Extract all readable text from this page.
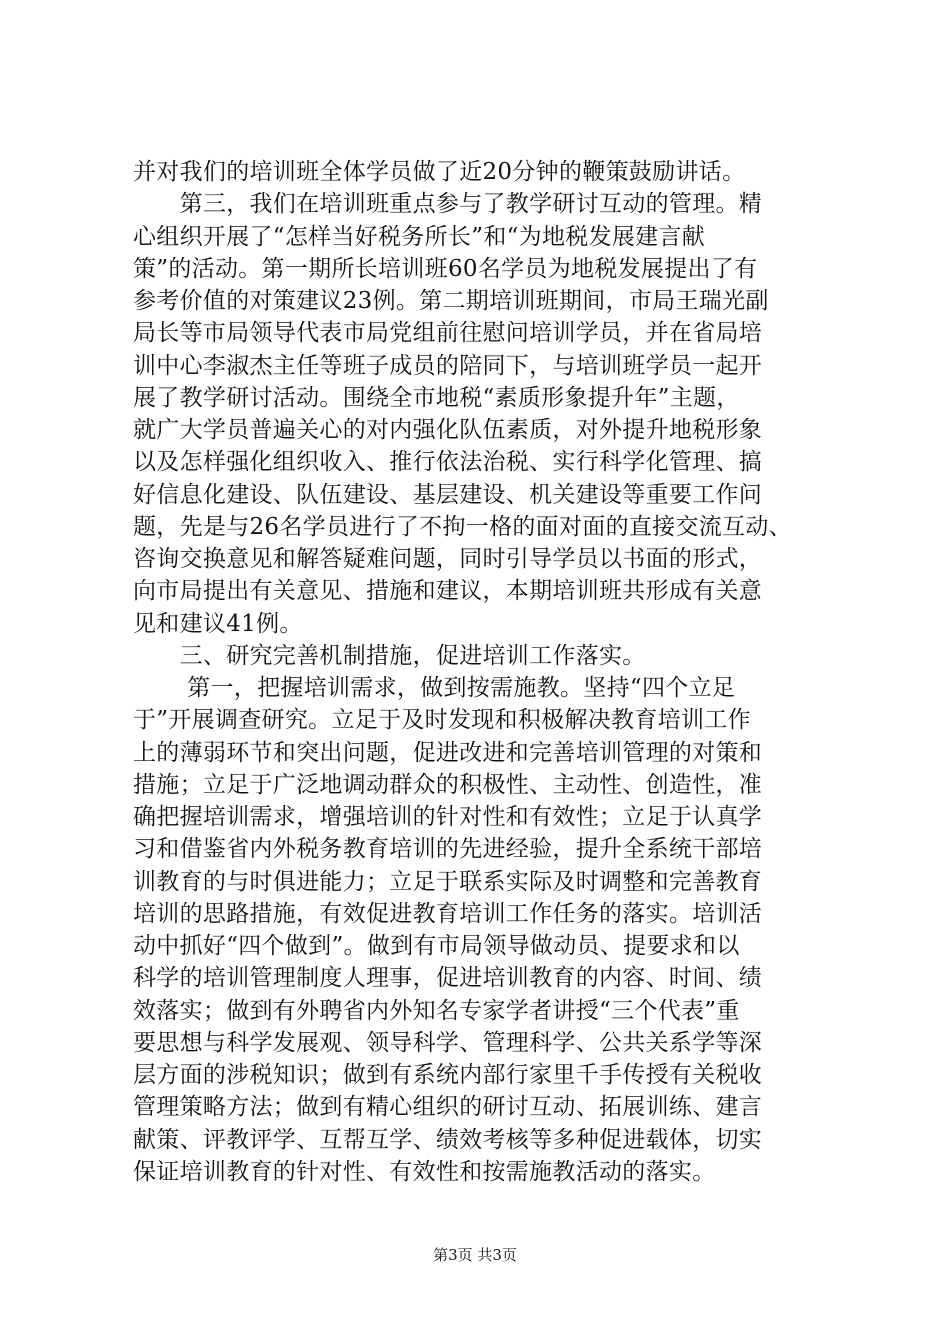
并对我们的培训班全体学员做了近20分钟的鞭策鼓励讲话。
　　第三，我们在培训班重点参与了教学研讨互动的管理。精
心组织开展了“怎样当好税务所长”和“为地税发展建言献
策”的活动。第一期所长培训班60名学员为地税发展提出了有
参考价值的对策建议23例。第二期培训班期间，市局王瑞光副
局长等市局领导代表市局党组前往慰问培训学员，并在省局培
训中心李淑杰主任等班子成员的陪同下，与培训班学员一起开
展了教学研讨活动。围绕全市地税“素质形象提升年”主题，
就广大学员普遍关心的对内强化队伍素质，对外提升地税形象
以及怎样强化组织收入、推行依法治税、实行科学化管理、搞
好信息化建设、队伍建设、基层建设、机关建设等重要工作问
题，先是与26名学员进行了不拘一格的面对面的直接交流互动、
咨询交换意见和解答疑难问题，同时引导学员以书面的形式，
向市局提出有关意见、措施和建议，本期培训班共形成有关意
见和建议41例。
　　三、研究完善机制措施，促进培训工作落实。
　　 第一，把握培训需求，做到按需施教。坚持“四个立足
于”开展调查研究。立足于及时发现和积极解决教育培训工作
上的薄弱环节和突出问题，促进改进和完善培训管理的对策和
措施；立足于广泛地调动群众的积极性、主动性、创造性，准
确把握培训需求，增强培训的针对性和有效性；立足于认真学
习和借鉴省内外税务教育培训的先进经验，提升全系统干部培
训教育的与时俱进能力；立足于联系实际及时调整和完善教育
培训的思路措施，有效促进教育培训工作任务的落实。培训活
动中抓好“四个做到”。做到有市局领导做动员、提要求和以
科学的培训管理制度人理事，促进培训教育的内容、时间、绩
效落实；做到有外聘省内外知名专家学者讲授“三个代表”重
要思想与科学发展观、领导科学、管理科学、公共关系学等深
层方面的涉税知识；做到有系统内部行家里千手传授有关税收
管理策略方法；做到有精心组织的研讨互动、拓展训练、建言
献策、评教评学、互帮互学、绩效考核等多种促进载体，切实
保证培训教育的针对性、有效性和按需施教活动的落实。
第3页 共3页
